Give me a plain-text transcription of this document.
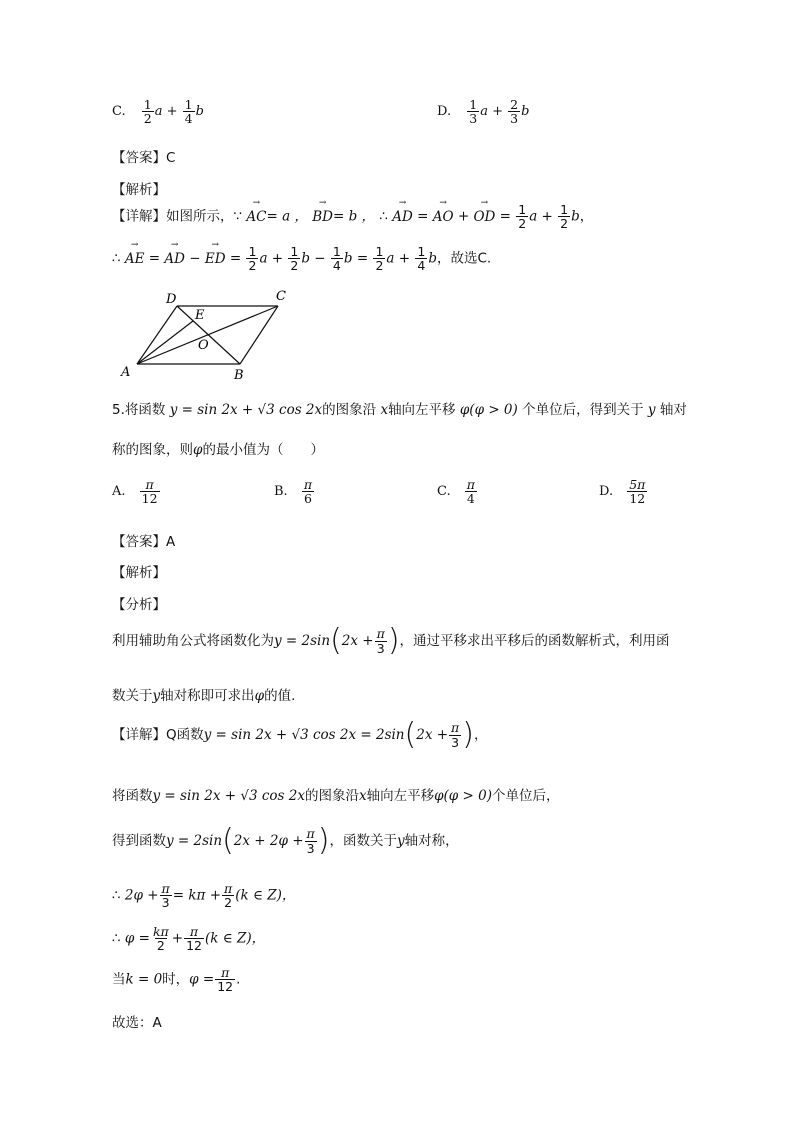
C. $\frac{1}{2}$ $a + \frac{1}{4}$ b	D. $\frac{1}{3}$ $a + \frac{2}{3}$ b
【答案】C
【解析】
【详解】如图所示，∵ → AC= a ， → BD= b ， ∴ → AD = → AO + → OD = $\frac{1}{2}$ $a + \frac{1}{2}$ b，
∴ → AE = → AD − → ED = $\frac{1}{2}$ $a + \frac{1}{2}$ $b - \frac{1}{4}$ $b = \frac{1}{2}$ $a + \frac{1}{4}$ b，故选C.
A	B
C
D
E
O
5.将函数 y = sin 2x + √3 cos 2x的图象沿 x轴向左平移 φ(φ > 0) 个单位后，得到关于 y 轴对
称的图象，则φ的最小值为（　　）
A. $\frac{\pi}{12}$	B. $\frac{\pi}{6}$	C. $\frac{\pi}{4}$	D. $\frac{5\pi}{12}$
【答案】A
【解析】
【分析】
利用辅助角公式将函数化为$y = 2\sin(2x + \frac{\pi}{3}$ )，通过平移求出平移后的函数解析式，利用函
数关于y轴对称即可求出φ的值.
【详解】Q函数y = sin 2x + √3 $\cos 2x = 2\sin(2x + \frac{\pi}{3}$ )，
将函数y = sin 2x + √3 cos 2x的图象沿x轴向左平移φ(φ > 0)个单位后，
得到函数$y = 2\sin(2x + 2\varphi + \frac{\pi}{3}$ )，函数关于y轴对称，
∴ $2\varphi + \frac{\pi}{3} = k\pi + \frac{\pi}{2} (k$ ∈ Z)，
∴ $\varphi = \frac{k\pi}{2} + \frac{\pi}{12} (k$ ∈ Z)，
当k = 0时，$\varphi = \frac{\pi}{12}$ .
故选：A
